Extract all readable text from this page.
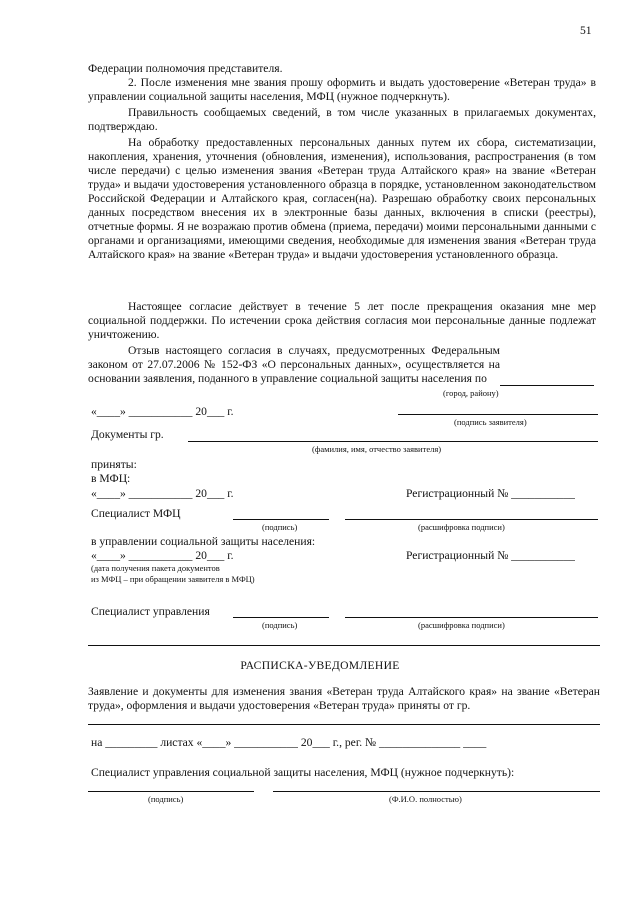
51
Федерации полномочия представителя.
2. После изменения мне звания прошу оформить и выдать удостоверение «Ветеран труда» в управлении социальной защиты населения, МФЦ (нужное подчеркнуть).
Правильность сообщаемых сведений, в том числе указанных в прилагаемых документах, подтверждаю.
На обработку предоставленных персональных данных путем их сбора, систематизации, накопления, хранения, уточнения (обновления, изменения), использования, распространения (в том числе передачи) с целью изменения звания «Ветеран труда Алтайского края» на звание «Ветеран труда» и выдачи удостоверения установленного образца в порядке, установленном законодательством Российской Федерации и Алтайского края, согласен(на). Разрешаю обработку своих персональных данных посредством внесения их в электронные базы данных, включения в списки (реестры), отчетные формы. Я не возражаю против обмена (приема, передачи) моими персональными данными с органами и организациями, имеющими сведения, необходимые для изменения звания «Ветеран труда Алтайского края» на звание «Ветеран труда» и выдачи удостоверения установленного образца.
Настоящее согласие действует в течение 5 лет после прекращения оказания мне мер социальной поддержки. По истечении срока действия согласия мои персональные данные подлежат уничтожению.
Отзыв настоящего согласия в случаях, предусмотренных Федеральным законом от 27.07.2006 № 152-ФЗ «О персональных данных», осуществляется на основании заявления, поданного в управление социальной защиты населения по
(город, району)
«____» ___________ 20___ г.
(подпись заявителя)
Документы гр.
(фамилия, имя, отчество заявителя)
приняты:
в МФЦ:
«____» ___________ 20___ г.	Регистрационный № ___________
Специалист МФЦ
(подпись)	(расшифровка подписи)
в управлении социальной защиты населения:
«____» ___________ 20___ г.	Регистрационный № ___________
(дата получения пакета документов
из МФЦ – при обращении заявителя в МФЦ)
Специалист управления
(подпись)	(расшифровка подписи)
РАСПИСКА-УВЕДОМЛЕНИЕ
Заявление и документы для изменения звания «Ветеран труда Алтайского края» на звание «Ветеран труда», оформления и выдачи удостоверения «Ветеран труда» приняты от гр.
на _________ листах «____» ___________ 20___ г., рег. № ______________ ____
Специалист управления социальной защиты населения, МФЦ (нужное подчеркнуть):
(подпись)	(Ф.И.О. полностью)
